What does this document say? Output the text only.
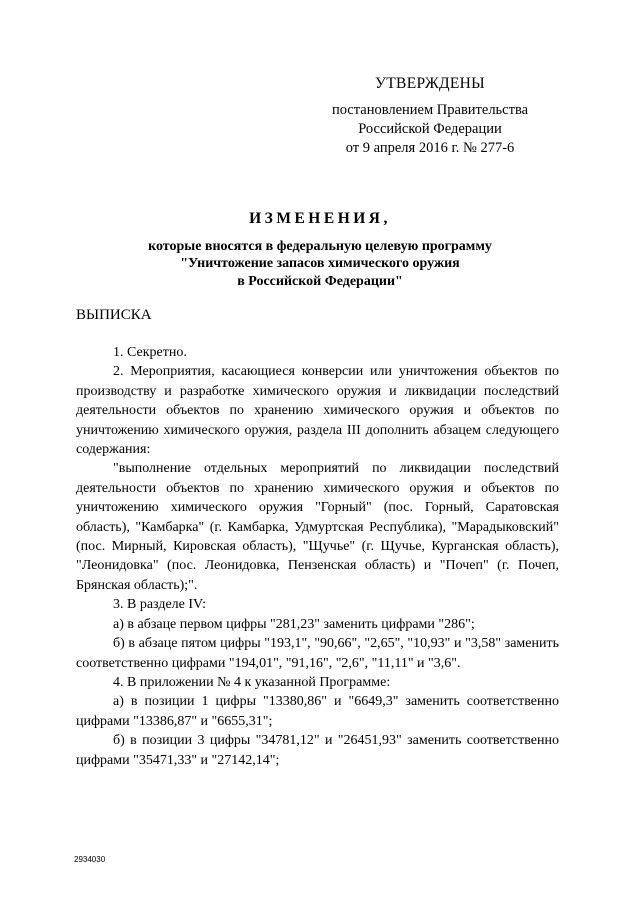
УТВЕРЖДЕНЫ
постановлением Правительства
Российской Федерации
от 9 апреля 2016 г. № 277-6
ИЗМЕНЕНИЯ,
которые вносятся в федеральную целевую программу
"Уничтожение запасов химического оружия
в Российской Федерации"
ВЫПИСКА

1. Секретно.

2. Мероприятия, касающиеся конверсии или уничтожения объектов по производству и разработке химического оружия и ликвидации последствий деятельности объектов по хранению химического оружия и объектов по уничтожению химического оружия, раздела III дополнить абзацем следующего содержания:

"выполнение отдельных мероприятий по ликвидации последствий деятельности объектов по хранению химического оружия и объектов по уничтожению химического оружия "Горный" (пос. Горный, Саратовская область), "Камбарка" (г. Камбарка, Удмуртская Республика), "Марадыковский" (пос. Мирный, Кировская область), "Щучье" (г. Щучье, Курганская область), "Леонидовка" (пос. Леонидовка, Пензенская область) и "Почеп" (г. Почеп, Брянская область);".

3. В разделе IV:

а) в абзаце первом цифры "281,23" заменить цифрами "286";

б) в абзаце пятом цифры "193,1", "90,66", "2,65", "10,93" и "3,58" заменить соответственно цифрами "194,01", "91,16", "2,6", "11,11" и "3,6".

4. В приложении № 4 к указанной Программе:

а) в позиции 1 цифры "13380,86" и "6649,3" заменить соответственно цифрами "13386,87" и "6655,31";

б) в позиции 3 цифры "34781,12" и "26451,93" заменить соответственно цифрами "35471,33" и "27142,14";

2934030
